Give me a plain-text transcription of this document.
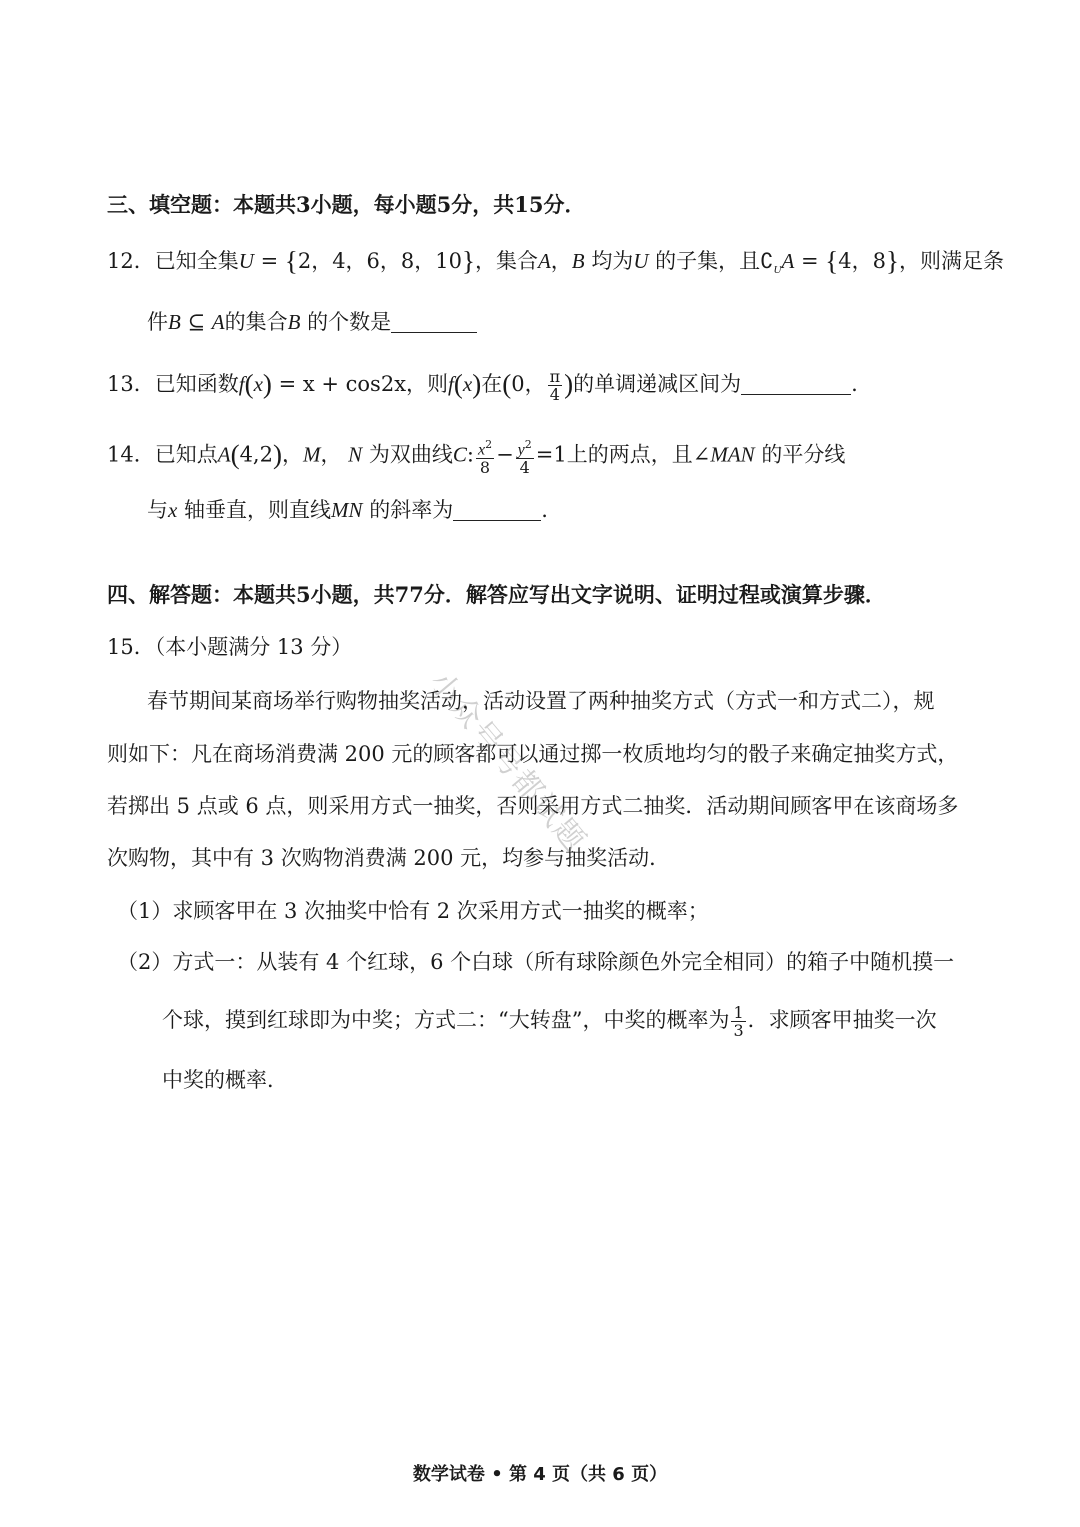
三、填空题：本题共3小题，每小题5分，共15分．
12．已知全集U = {2，4，6，8，10}，集合A，B 均为U 的子集，且$∁_UA = \{4$，8}，则满足条
件B ⊆ A的集合B 的个数是
13．已知函数f(x) = x + cos2x，则f(x)在(0， $\frac{\pi}{4}$ )的单调递减区间为	.
14．已知点A(4,2)，M， N 为双曲线C: $\frac{x^2}{8} - \frac{y^2}{4} =1$上的两点，且∠MAN 的平分线
与x 轴垂直，则直线MN 的斜率为	.
四、解答题：本题共5小题，共77分．解答应写出文字说明、证明过程或演算步骤．
15．（本小题满分 13 分）
春节期间某商场举行购物抽奖活动，活动设置了两种抽奖方式（方式一和方式二），规
则如下：凡在商场消费满 200 元的顾客都可以通过掷一枚质地均匀的骰子来确定抽奖方式，
若掷出 5 点或 6 点，则采用方式一抽奖，否则采用方式二抽奖．活动期间顾客甲在该商场多
次购物，其中有 3 次购物消费满 200 元，均参与抽奖活动．
（1）求顾客甲在 3 次抽奖中恰有 2 次采用方式一抽奖的概率；
（2）方式一：从装有 4 个红球，6 个白球（所有球除颜色外完全相同）的箱子中随机摸一
个球，摸到红球即为中奖；方式二：“大转盘”，中奖的概率为 $\frac{1}{3}$ ．求顾客甲抽奖一次
中奖的概率．
小众号号都试题
数学试卷 • 第 4 页（共 6 页）
